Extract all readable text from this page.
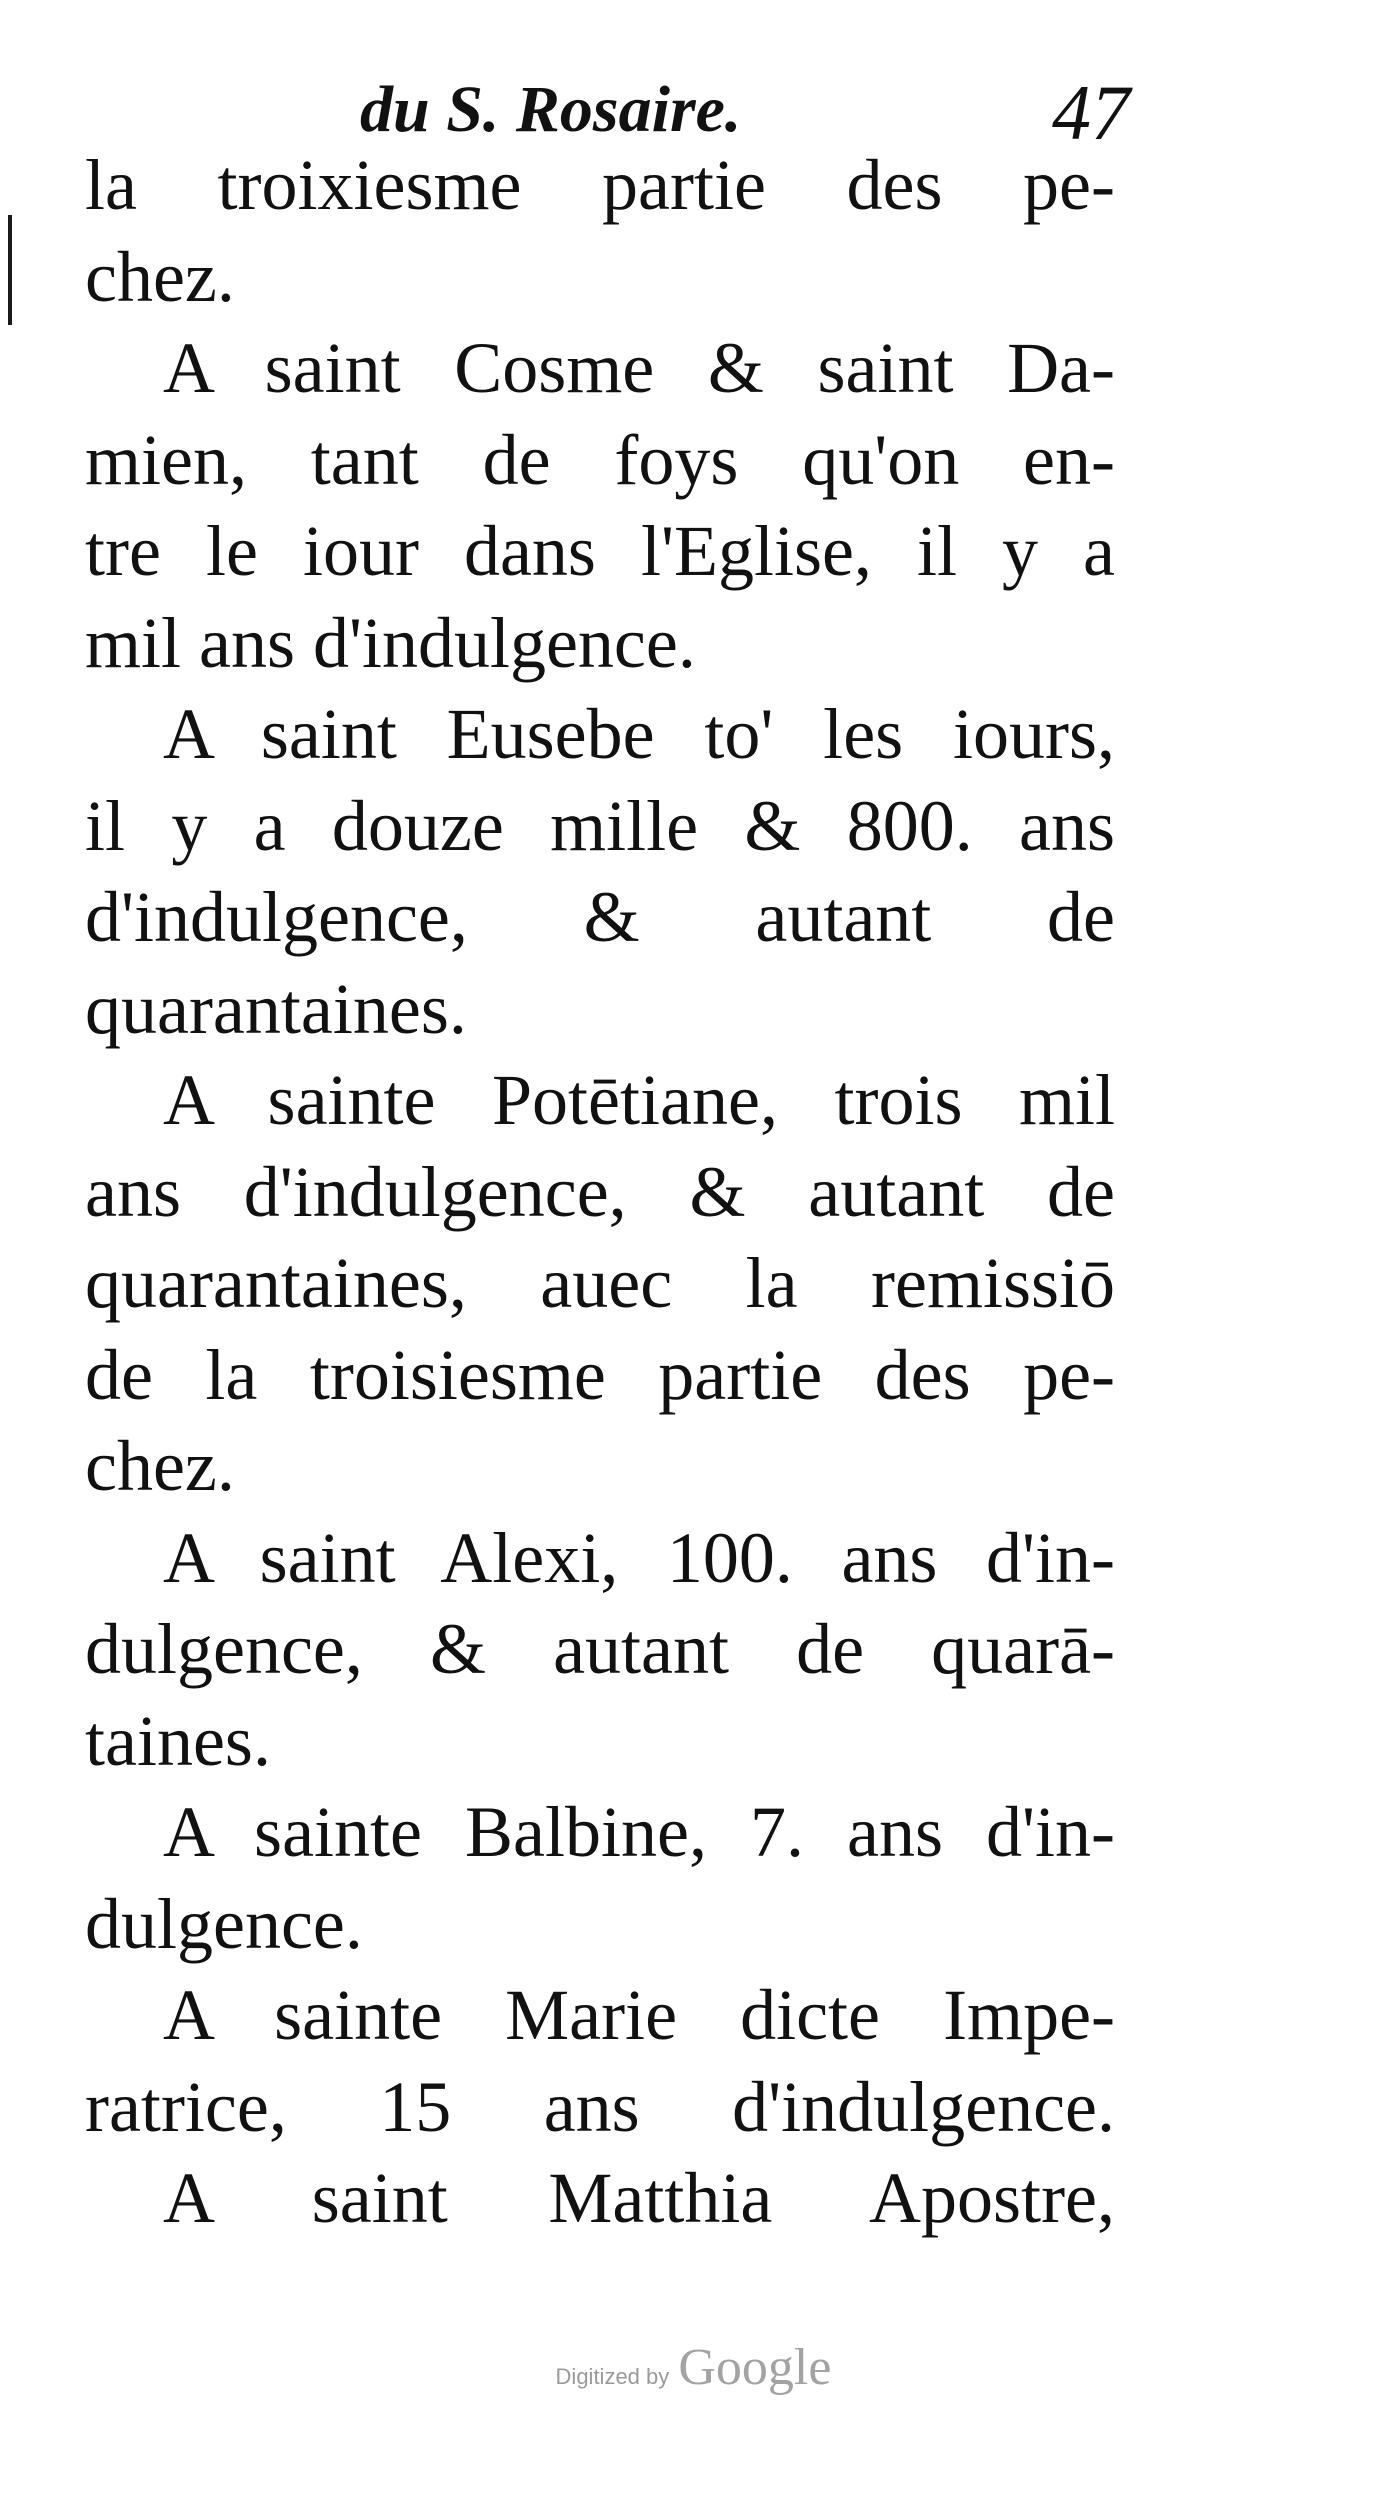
du S. Rosaire.	47
la troixiesme partie des pe-
chez.
A saint Cosme & saint Da-
mien, tant de foys qu'on en-
tre le iour dans l'Eglise, il y a
mil ans d'indulgence.
A saint Eusebe to' les iours,
il y a douze mille & 800. ans
d'indulgence, & autant de
quarantaines.
A sainte Potētiane, trois mil
ans d'indulgence, & autant de
quarantaines, auec la remissiō
de la troisiesme partie des pe-
chez.
A saint Alexi, 100. ans d'in-
dulgence, & autant de quarā-
taines.
A sainte Balbine, 7. ans d'in-
dulgence.
A sainte Marie dicte Impe-
ratrice, 15 ans d'indulgence.
A saint Matthia Apostre,
Digitized by Google
